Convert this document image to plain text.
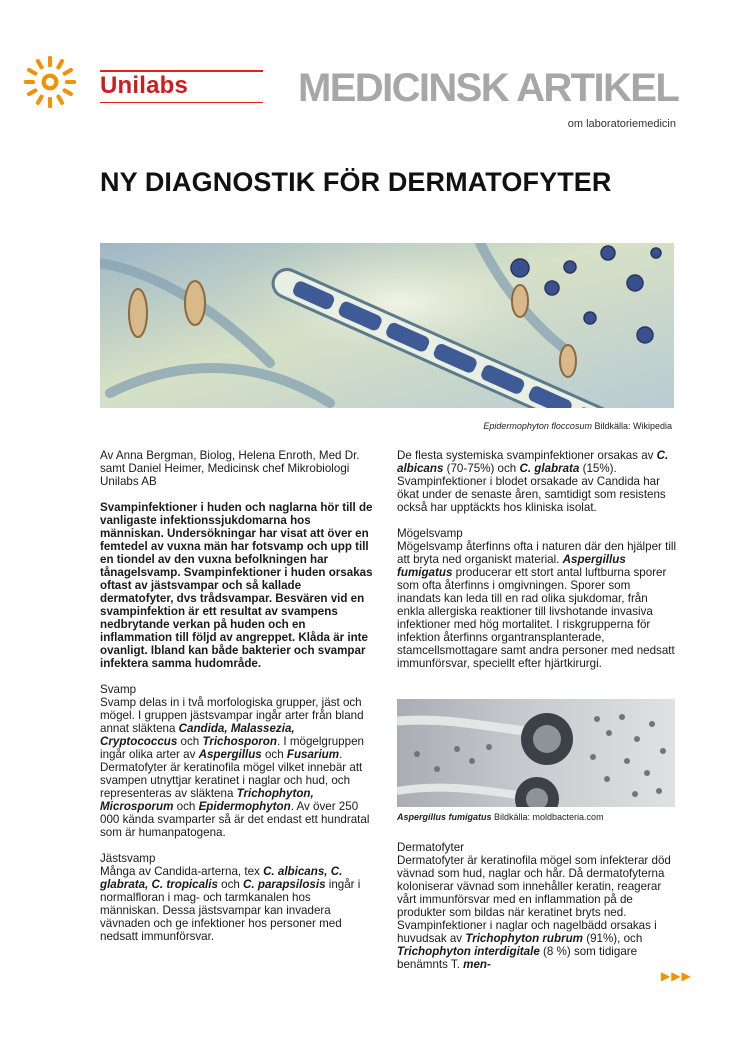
Unilabs	MEDICINSK ARTIKEL
om laboratoriemedicin
NY DIAGNOSTIK FÖR DERMATOFYTER
Epidermophyton floccosum Bildkälla: Wikipedia

Av Anna Bergman, Biolog, Helena Enroth, Med Dr. samt Daniel Heimer, Medicinsk chef Mikrobiologi Unilabs AB

Svampinfektioner i huden och naglarna hör till de vanligaste infektionssjukdomarna hos människan. Undersökningar har visat att över en femtedel av vuxna män har fotsvamp och upp till en tiondel av den vuxna befolkningen har tånagelsvamp. Svampinfektioner i huden orsakas oftast av jästsvampar och så kallade dermatofyter, dvs trådsvampar. Besvären vid en svampinfektion är ett resultat av svampens nedbrytande verkan på huden och en inflammation till följd av angreppet. Klåda är inte ovanligt. Ibland kan både bakterier och svampar infektera samma hudområde.

Svamp

Svamp delas in i två morfologiska grupper, jäst och mögel. I gruppen jästsvampar ingår arter från bland annat släktena Candida, Malassezia, Cryptococcus och Trichosporon. I mögelgruppen ingår olika arter av Aspergillus och Fusarium. Dermatofyter är keratinofila mögel vilket innebär att svampen utnyttjar keratinet i naglar och hud, och representeras av släktena Trichophyton, Microsporum och Epidermophyton. Av över 250 000 kända svamparter så är det endast ett hundratal som är humanpatogena.

Jästsvamp

Många av Candida-arterna, tex C. albicans, C. glabrata, C. tropicalis och C. parapsilosis ingår i normalfloran i mag- och tarmkanalen hos människan. Dessa jästsvampar kan invadera vävnaden och ge infektioner hos personer med nedsatt immunförsvar.

De flesta systemiska svampinfektioner orsakas av C. albicans (70-75%) och C. glabrata (15%). Svampinfektioner i blodet orsakade av Candida har ökat under de senaste åren, samtidigt som resistens också har upptäckts hos kliniska isolat.

Mögelsvamp

Mögelsvamp återfinns ofta i naturen där den hjälper till att bryta ned organiskt material. Aspergillus fumigatus producerar ett stort antal luftburna sporer som ofta återfinns i omgivningen. Sporer som inandats kan leda till en rad olika sjukdomar, från enkla allergiska reaktioner till livshotande invasiva infektioner med hög mortalitet. I riskgrupperna för infektion återfinns organtransplanterade, stamcellsmottagare samt andra personer med nedsatt immunförsvar, speciellt efter hjärtkirurgi.

Aspergillus fumigatus Bildkälla: moldbacteria.com
Dermatofyter

Dermatofyter är keratinofila mögel som infekterar död vävnad som hud, naglar och hår. Då dermatofyterna koloniserar vävnad som innehåller keratin, reagerar vårt immunförsvar med en inflammation på de produkter som bildas när keratinet bryts ned. Svampinfektioner i naglar och nagelbädd orsakas i huvudsak av Trichophyton rubrum (91%), och Trichophyton interdigitale (8 %) som tidigare benämnts T. men-

▶▶▶
